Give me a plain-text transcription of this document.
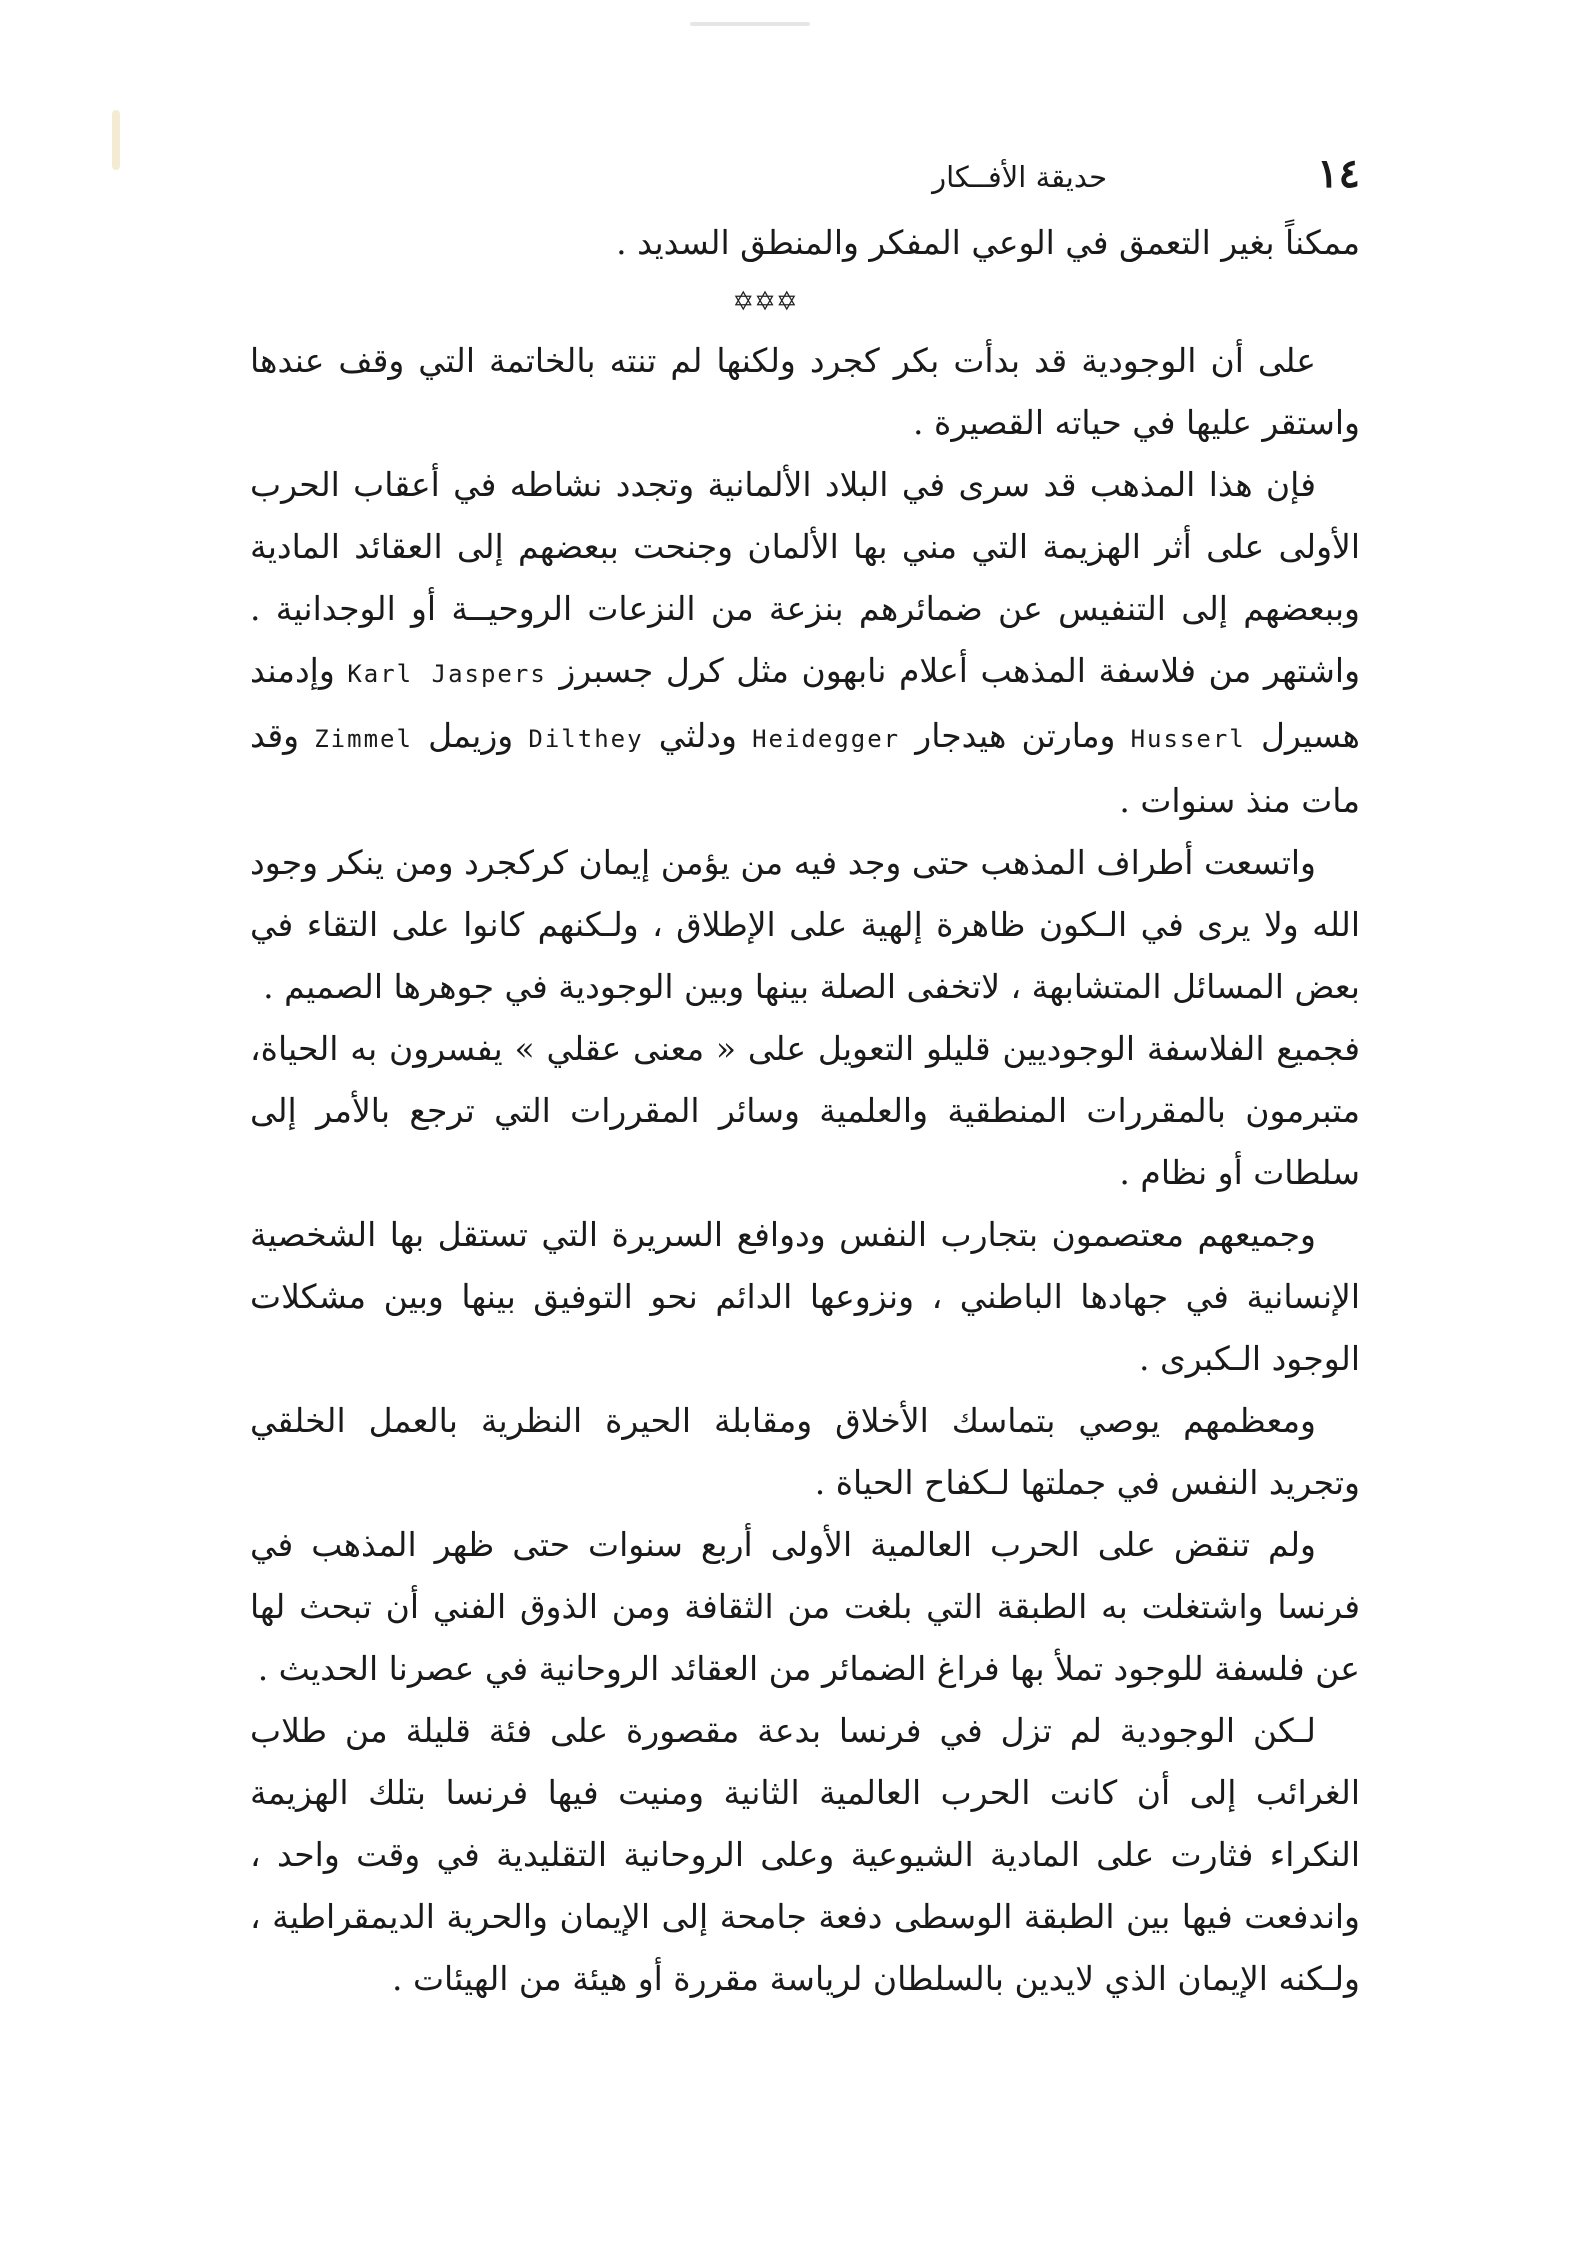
١٤
حديقة الأفــكار

ممكناً بغير التعمق في الوعي المفكر والمنطق السديد .

✡✡✡

على أن الوجودية قد بدأت بكر كجرد ولكنها لم تنته بالخاتمة التي وقف عندها واستقر عليها في حياته القصيرة .

فإن هذا المذهب قد سرى في البلاد الألمانية وتجدد نشاطه في أعقاب الحرب الأولى على أثر الهزيمة التي مني بها الألمان وجنحت ببعضهم إلى العقائد المادية وببعضهم إلى التنفيس عن ضمائرهم بنزعة من النزعات الروحيــة أو الوجدانية . واشتهر من فلاسفة المذهب أعلام نابهون مثل كرل جسبرز Karl Jaspers وإدمند هسيرل Husserl ومارتن هيدجار Heidegger ودلثي Dilthey وزيمل Zimmel وقد مات منذ سنوات .

واتسعت أطراف المذهب حتى وجد فيه من يؤمن إيمان كركجرد ومن ينكر وجود الله ولا يرى في الـكون ظاهرة إلهية على الإطلاق ، ولـكنهم كانوا على التقاء في بعض المسائل المتشابهة ، لاتخفى الصلة بينها وبين الوجودية في جوهرها الصميم .

فجميع الفلاسفة الوجوديين قليلو التعويل على « معنى عقلي » يفسرون به الحياة، متبرمون بالمقررات المنطقية والعلمية وسائر المقررات التي ترجع بالأمر إلى سلطات أو نظام .

وجميعهم معتصمون بتجارب النفس ودوافع السريرة التي تستقل بها الشخصية الإنسانية في جهادها الباطني ، ونزوعها الدائم نحو التوفيق بينها وبين مشكلات الوجود الـكبرى .

ومعظمهم يوصي بتماسك الأخلاق ومقابلة الحيرة النظرية بالعمل الخلقي وتجريد النفس في جملتها لـكفاح الحياة .

ولم تنقض على الحرب العالمية الأولى أربع سنوات حتى ظهر المذهب في فرنسا واشتغلت به الطبقة التي بلغت من الثقافة ومن الذوق الفني أن تبحث لها عن فلسفة للوجود تملأ بها فراغ الضمائر من العقائد الروحانية في عصرنا الحديث .

لـكن الوجودية لم تزل في فرنسا بدعة مقصورة على فئة قليلة من طلاب الغرائب إلى أن كانت الحرب العالمية الثانية ومنيت فيها فرنسا بتلك الهزيمة النكراء فثارت على المادية الشيوعية وعلى الروحانية التقليدية في وقت واحد ، واندفعت فيها بين الطبقة الوسطى دفعة جامحة إلى الإيمان والحرية الديمقراطية ، ولـكنه الإيمان الذي لايدين بالسلطان لرياسة مقررة أو هيئة من الهيئات .
